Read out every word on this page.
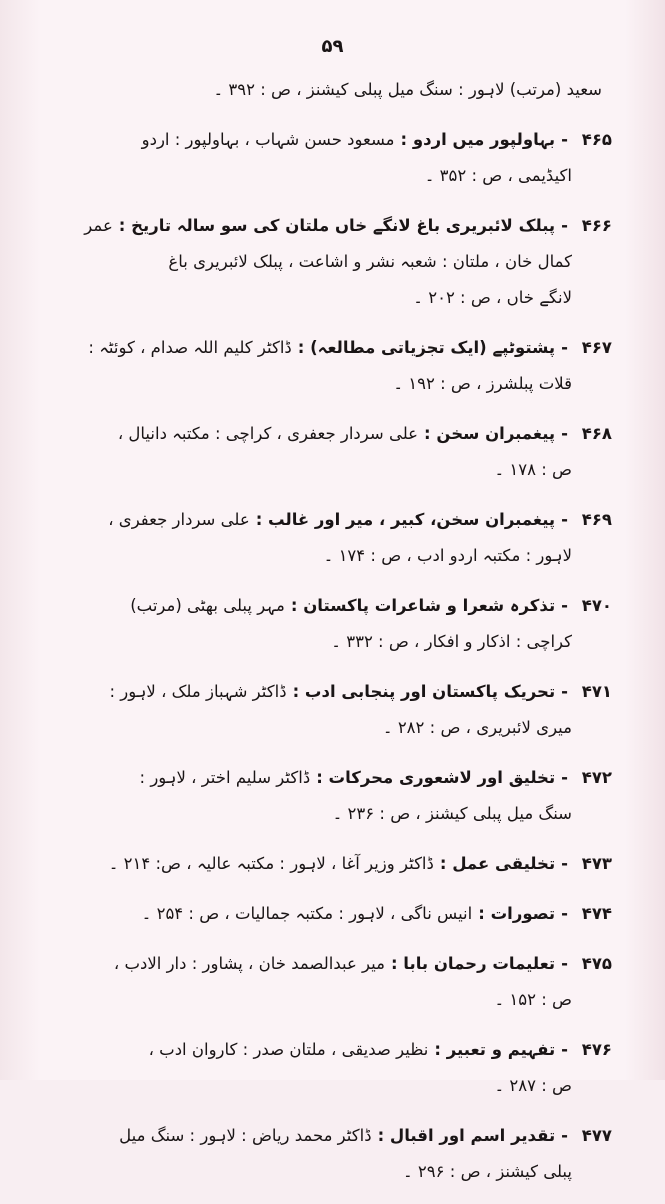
۵۹
سعید (مرتب) لاہور : سنگ میل پبلی کیشنز ، ص : ۳۹۲ ۔
۴۶۵
-
بہاولپور میں اردو :
مسعود حسن شہاب ، بہاولپور : اردو
اکیڈیمی ، ص : ۳۵۲ ۔
۴۶۶
-
پبلک لائبریری باغ لانگے خاں ملتان کی سو سالہ تاریخ :
عمر
کمال خان ، ملتان : شعبہ نشر و اشاعت ، پبلک لائبریری باغ
لانگے خاں ، ص : ۲۰۲ ۔
۴۶۷
-
پشتوٹپے (ایک تجزیاتی مطالعہ) :
ڈاکٹر کلیم اللہ صدام ، کوئٹہ :
قلات پبلشرز ، ص : ۱۹۲ ۔
۴۶۸
-
پیغمبران سخن :
علی سردار جعفری ، کراچی : مکتبہ دانیال ،
ص : ۱۷۸ ۔
۴۶۹
-
پیغمبران سخن، کبیر ، میر اور غالب :
علی سردار جعفری ،
لاہور : مکتبہ اردو ادب ، ص : ۱۷۴ ۔
۴۷۰
-
تذکرہ شعرا و شاعرات پاکستان :
مہر پبلی بھٹی (مرتب)
کراچی : اذکار و افکار ، ص : ۳۳۲ ۔
۴۷۱
-
تحریک پاکستان اور پنجابی ادب :
ڈاکٹر شہباز ملک ، لاہور :
میری لائبریری ، ص : ۲۸۲ ۔
۴۷۲
-
تخلیق اور لاشعوری محرکات :
ڈاکٹر سلیم اختر ، لاہور :
سنگ میل پبلی کیشنز ، ص : ۲۳۶ ۔
۴۷۳
-
تخلیقی عمل :
ڈاکٹر وزیر آغا ، لاہور : مکتبہ عالیہ ، ص: ۲۱۴ ۔
۴۷۴
-
تصورات :
انیس ناگی ، لاہور : مکتبہ جمالیات ، ص : ۲۵۴ ۔
۴۷۵
-
تعلیمات رحمان بابا :
میر عبدالصمد خان ، پشاور : دار الادب ،
ص : ۱۵۲ ۔
۴۷۶
-
تفہیم و تعبیر :
نظیر صدیقی ، ملتان صدر : کاروان ادب ،
ص : ۲۸۷ ۔
۴۷۷
-
تقدیر اسم اور اقبال :
ڈاکٹر محمد ریاض : لاہور : سنگ میل
پبلی کیشنز ، ص : ۲۹۶ ۔
